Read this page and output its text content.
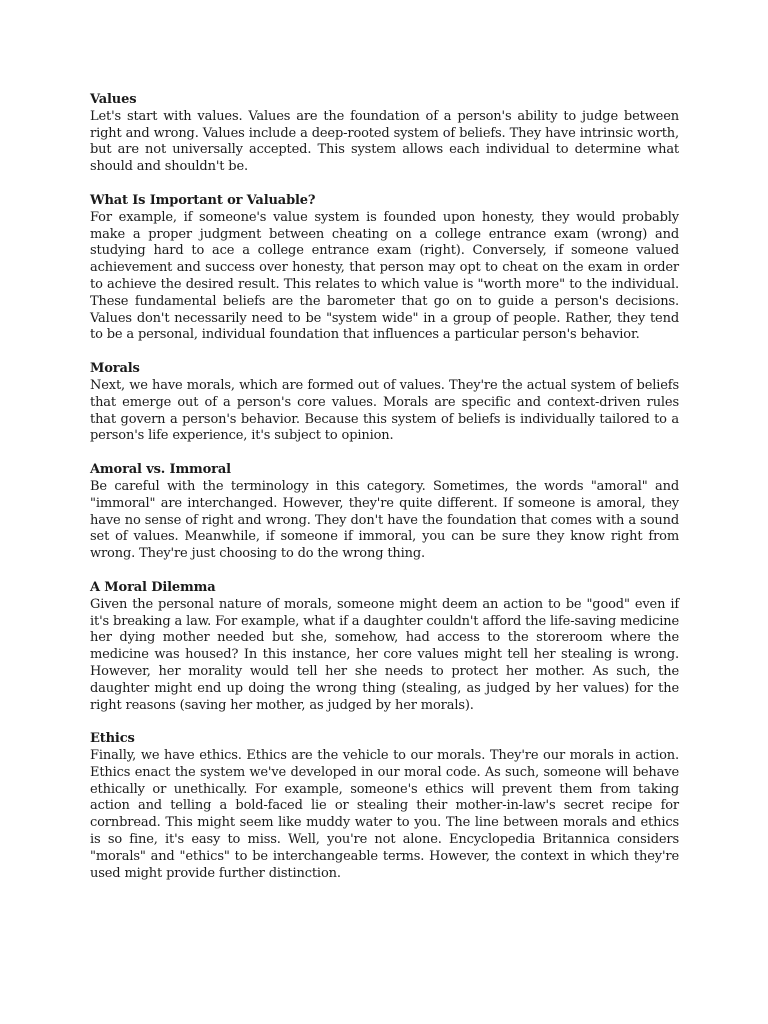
Values

Let's start with values. Values are the foundation of a person's ability to judge between right and wrong. Values include a deep-rooted system of beliefs. They have intrinsic worth, but are not universally accepted. This system allows each individual to determine what should and shouldn't be.

What Is Important or Valuable?

For example, if someone's value system is founded upon honesty, they would probably make a proper judgment between cheating on a college entrance exam (wrong) and studying hard to ace a college entrance exam (right). Conversely, if someone valued achievement and success over honesty, that person may opt to cheat on the exam in order to achieve the desired result. This relates to which value is "worth more" to the individual. These fundamental beliefs are the barometer that go on to guide a person's decisions. Values don't necessarily need to be "system wide" in a group of people. Rather, they tend to be a personal, individual foundation that influences a particular person's behavior.

Morals

Next, we have morals, which are formed out of values. They're the actual system of beliefs that emerge out of a person's core values. Morals are specific and context-driven rules that govern a person's behavior. Because this system of beliefs is individually tailored to a person's life experience, it's subject to opinion.

Amoral vs. Immoral

Be careful with the terminology in this category. Sometimes, the words "amoral" and "immoral" are interchanged. However, they're quite different. If someone is amoral, they have no sense of right and wrong. They don't have the foundation that comes with a sound set of values. Meanwhile, if someone if immoral, you can be sure they know right from wrong. They're just choosing to do the wrong thing.

A Moral Dilemma

Given the personal nature of morals, someone might deem an action to be "good" even if it's breaking a law. For example, what if a daughter couldn't afford the life-saving medicine her dying mother needed but she, somehow, had access to the storeroom where the medicine was housed? In this instance, her core values might tell her stealing is wrong. However, her morality would tell her she needs to protect her mother. As such, the daughter might end up doing the wrong thing (stealing, as judged by her values) for the right reasons (saving her mother, as judged by her morals).

Ethics

Finally, we have ethics. Ethics are the vehicle to our morals. They're our morals in action. Ethics enact the system we've developed in our moral code. As such, someone will behave ethically or unethically. For example, someone's ethics will prevent them from taking action and telling a bold-faced lie or stealing their mother-in-law's secret recipe for cornbread. This might seem like muddy water to you. The line between morals and ethics is so fine, it's easy to miss. Well, you're not alone. Encyclopedia Britannica considers "morals" and "ethics" to be interchangeable terms. However, the context in which they're used might provide further distinction.
